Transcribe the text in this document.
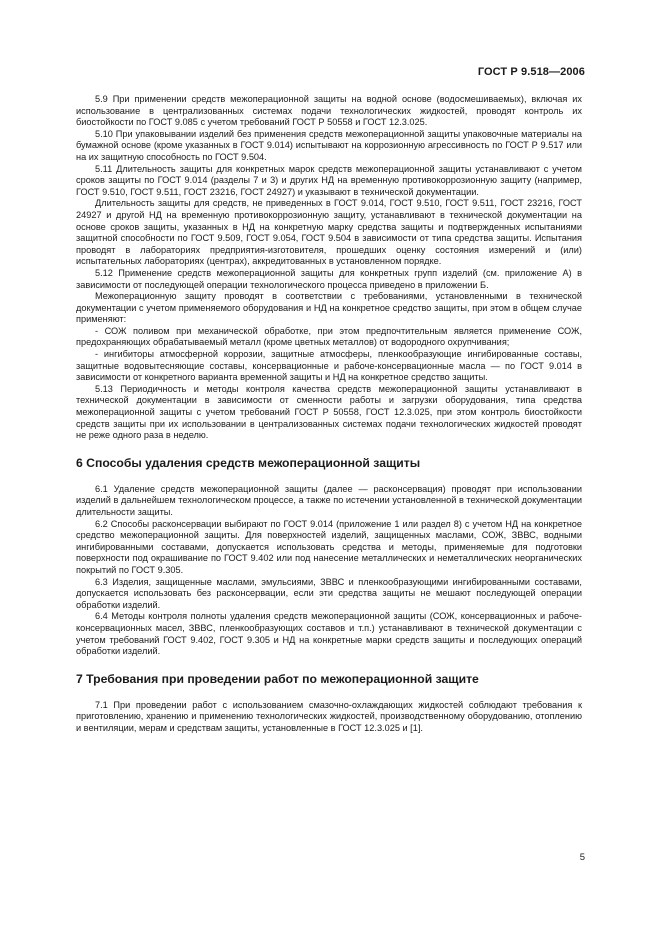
ГОСТ Р 9.518—2006

5.9 При применении средств межоперационной защиты на водной основе (водосмешиваемых), включая их использование в централизованных системах подачи технологических жидкостей, проводят контроль их биостойкости по ГОСТ 9.085 с учетом требований ГОСТ Р 50558 и ГОСТ 12.3.025.

5.10 При упаковывании изделий без применения средств межоперационной защиты упаковочные материалы на бумажной основе (кроме указанных в ГОСТ 9.014) испытывают на коррозионную агрессивность по ГОСТ Р 9.517 или на их защитную способность по ГОСТ 9.504.

5.11 Длительность защиты для конкретных марок средств межоперационной защиты устанавливают с учетом сроков защиты по ГОСТ 9.014 (разделы 7 и 3) и других НД на временную противокоррозионную защиту (например, ГОСТ 9.510, ГОСТ 9.511, ГОСТ 23216, ГОСТ 24927) и указывают в технической документации.

Длительность защиты для средств, не приведенных в ГОСТ 9.014, ГОСТ 9.510, ГОСТ 9.511, ГОСТ 23216, ГОСТ 24927 и другой НД на временную противокоррозионную защиту, устанавливают в технической документации на основе сроков защиты, указанных в НД на конкретную марку средства защиты и подтвержденных испытаниями защитной способности по ГОСТ 9.509, ГОСТ 9.054, ГОСТ 9.504 в зависимости от типа средства защиты. Испытания проводят в лабораториях предприятия-изготовителя, прошедших оценку состояния измерений и (или) испытательных лабораториях (центрах), аккредитованных в установленном порядке.

5.12 Применение средств межоперационной защиты для конкретных групп изделий (см. приложение А) в зависимости от последующей операции технологического процесса приведено в приложении Б.

Межоперационную защиту проводят в соответствии с требованиями, установленными в технической документации с учетом применяемого оборудования и НД на конкретное средство защиты, при этом в общем случае применяют:

- СОЖ поливом при механической обработке, при этом предпочтительным является применение СОЖ, предохраняющих обрабатываемый металл (кроме цветных металлов) от водородного охрупчивания;

- ингибиторы атмосферной коррозии, защитные атмосферы, пленкообразующие ингибированные составы, защитные водовытесняющие составы, консервационные и рабоче-консервационные масла — по ГОСТ 9.014 в зависимости от конкретного варианта временной защиты и НД на конкретное средство защиты.

5.13 Периодичность и методы контроля качества средств межоперационной защиты устанавливают в технической документации в зависимости от сменности работы и загрузки оборудования, типа средства межоперационной защиты с учетом требований ГОСТ Р 50558, ГОСТ 12.3.025, при этом контроль биостойкости средств защиты при их использовании в централизованных системах подачи технологических жидкостей проводят не реже одного раза в неделю.

6 Способы удаления средств межоперационной защиты

6.1 Удаление средств межоперационной защиты (далее — расконсервация) проводят при использовании изделий в дальнейшем технологическом процессе, а также по истечении установленной в технической документации длительности защиты.

6.2 Способы расконсервации выбирают по ГОСТ 9.014 (приложение 1 или раздел 8) с учетом НД на конкретное средство межоперационной защиты. Для поверхностей изделий, защищенных маслами, СОЖ, ЗВВС, водными ингибированными составами, допускается использовать средства и методы, применяемые для подготовки поверхности под окрашивание по ГОСТ 9.402 или под нанесение металлических и неметаллических неорганических покрытий по ГОСТ 9.305.

6.3 Изделия, защищенные маслами, эмульсиями, ЗВВС и пленкообразующими ингибированными составами, допускается использовать без расконсервации, если эти средства защиты не мешают последующей операции обработки изделий.

6.4 Методы контроля полноты удаления средств межоперационной защиты (СОЖ, консервационных и рабоче-консервационных масел, ЗВВС, пленкообразующих составов и т.п.) устанавливают в технической документации с учетом требований ГОСТ 9.402, ГОСТ 9.305 и НД на конкретные марки средств защиты и последующих операций обработки изделий.

7 Требования при проведении работ по межоперационной защите

7.1 При проведении работ с использованием смазочно-охлаждающих жидкостей соблюдают требования к приготовлению, хранению и применению технологических жидкостей, производственному оборудованию, отоплению и вентиляции, мерам и средствам защиты, установленные в ГОСТ 12.3.025 и [1].

5
